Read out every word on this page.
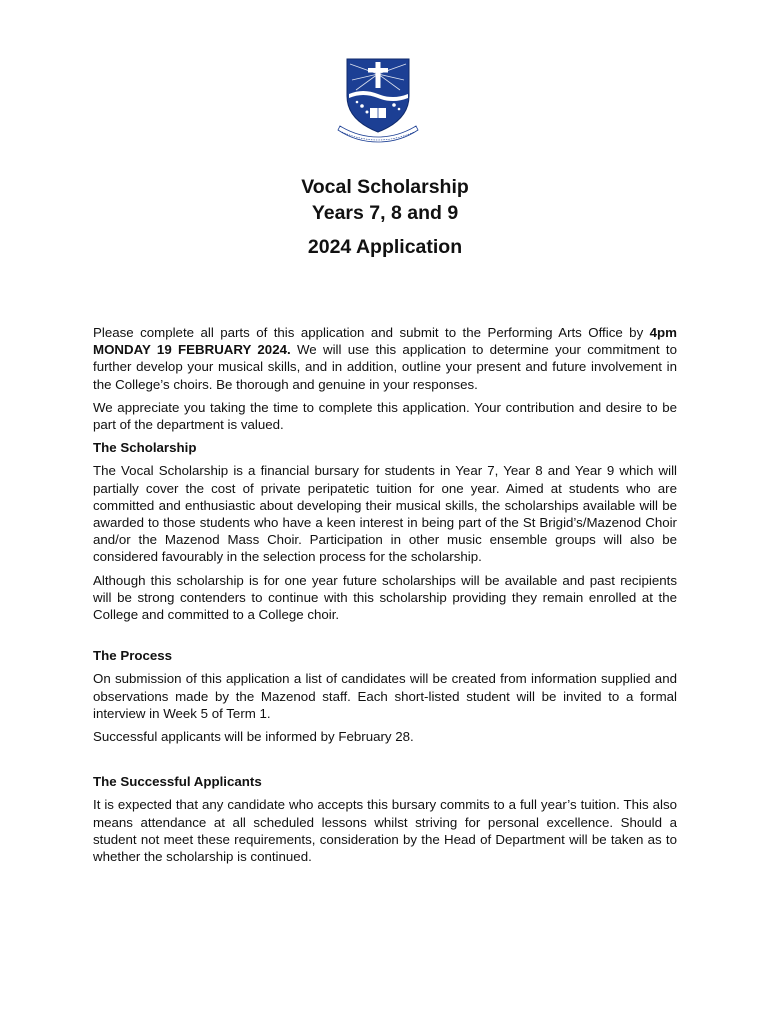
Vocal Scholarship
Years 7, 8 and 9
2024 Application

Please complete all parts of this application and submit to the Performing Arts Office by 4pm MONDAY 19 FEBRUARY 2024. We will use this application to determine your commitment to further develop your musical skills, and in addition, outline your present and future involvement in the College’s choirs. Be thorough and genuine in your responses.

We appreciate you taking the time to complete this application. Your contribution and desire to be part of the department is valued.

The Scholarship

The Vocal Scholarship is a financial bursary for students in Year 7, Year 8 and Year 9 which will partially cover the cost of private peripatetic tuition for one year. Aimed at students who are committed and enthusiastic about developing their musical skills, the scholarships available will be awarded to those students who have a keen interest in being part of the St Brigid’s/Mazenod Choir and/or the Mazenod Mass Choir. Participation in other music ensemble groups will also be considered favourably in the selection process for the scholarship.

Although this scholarship is for one year future scholarships will be available and past recipients will be strong contenders to continue with this scholarship providing they remain enrolled at the College and committed to a College choir.

The Process

On submission of this application a list of candidates will be created from information supplied and observations made by the Mazenod staff. Each short-listed student will be invited to a formal interview in Week 5 of Term 1.

Successful applicants will be informed by February 28.

The Successful Applicants

It is expected that any candidate who accepts this bursary commits to a full year’s tuition. This also means attendance at all scheduled lessons whilst striving for personal excellence. Should a student not meet these requirements, consideration by the Head of Department will be taken as to whether the scholarship is continued.
